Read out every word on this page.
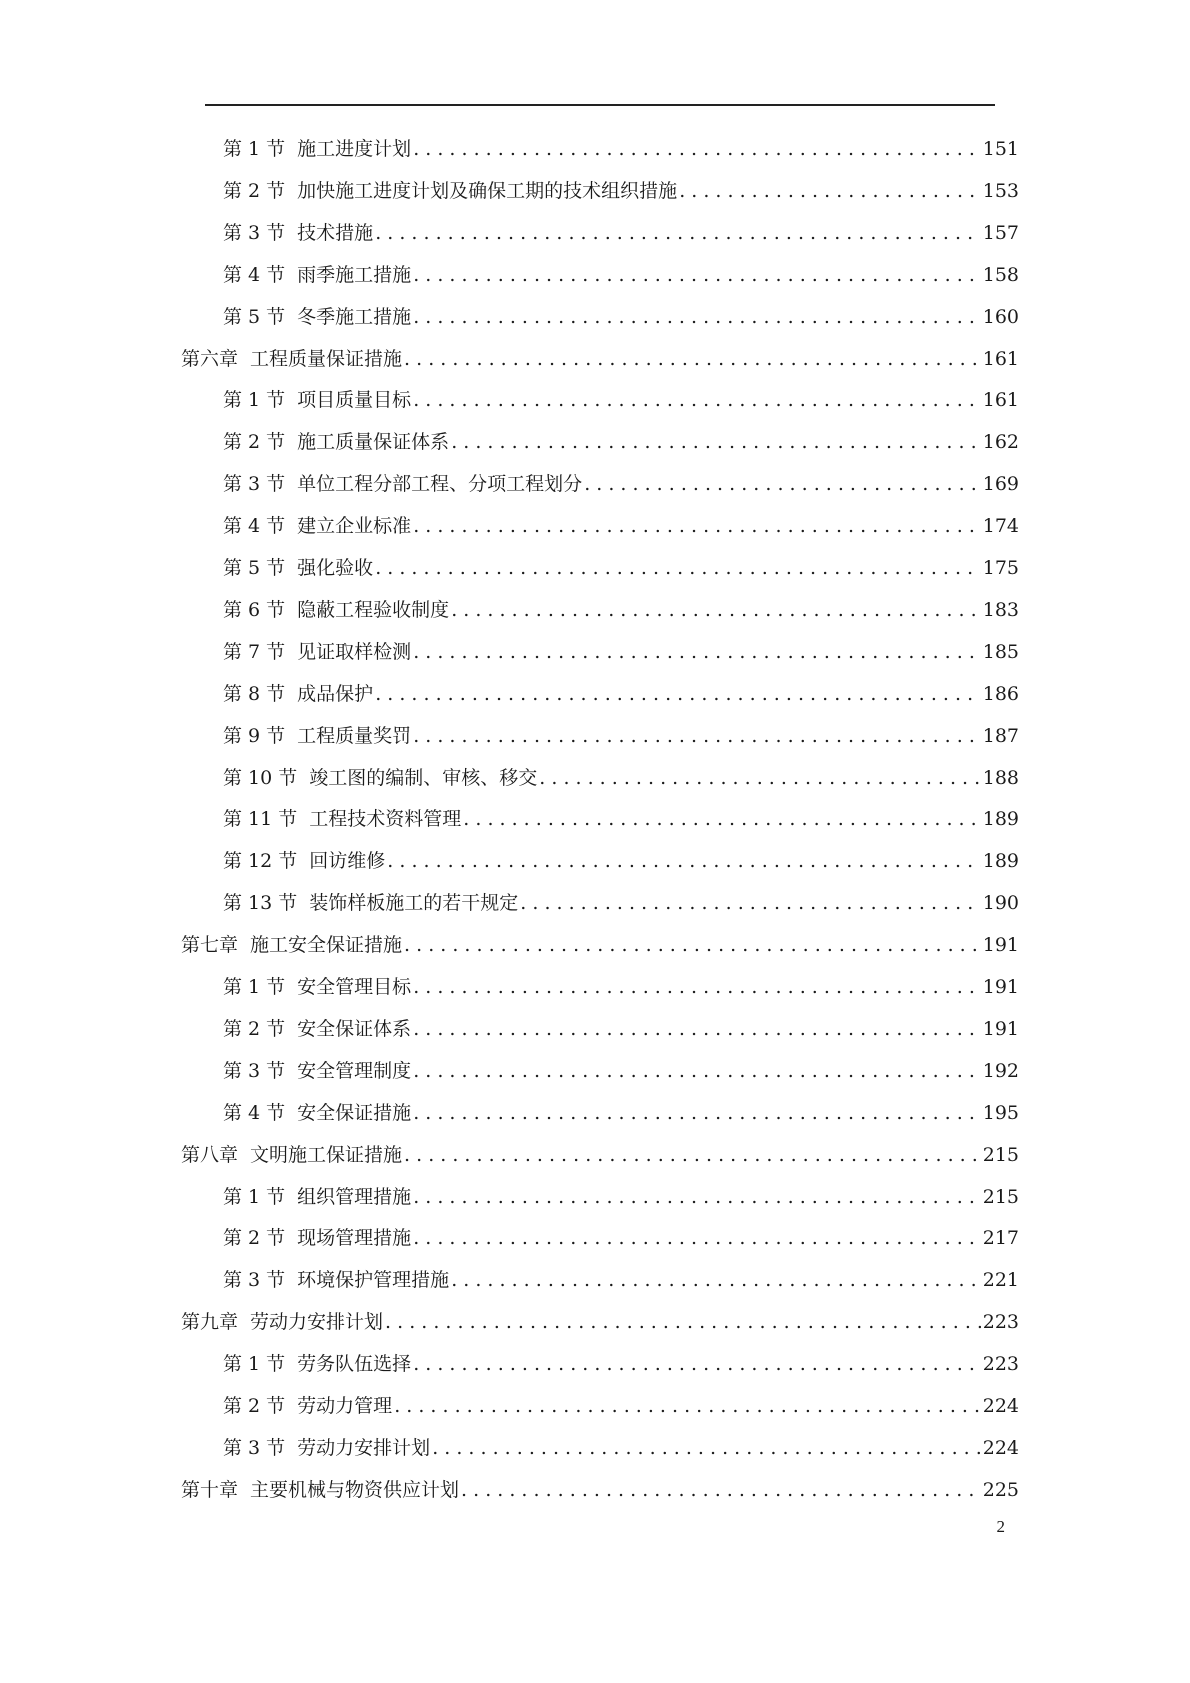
第 1 节 施工进度计划 . . .	151
第 2 节 加快施工进度计划及确保工期的技术组织措施 . . .	153
第 3 节 技术措施 . . .	157
第 4 节 雨季施工措施 . . .	158
第 5 节 冬季施工措施 . . .	160
第六章 工程质量保证措施 . . .	161
第 1 节 项目质量目标 . . .	161
第 2 节 施工质量保证体系 . . .	162
第 3 节 单位工程分部工程、分项工程划分 . . .	169
第 4 节 建立企业标准 . . .	174
第 5 节 强化验收 . . .	175
第 6 节 隐蔽工程验收制度 . . .	183
第 7 节 见证取样检测 . . .	185
第 8 节 成品保护 . . .	186
第 9 节 工程质量奖罚 . . .	187
第 10 节 竣工图的编制、审核、移交 . . .	188
第 11 节 工程技术资料管理 . . .	189
第 12 节 回访维修 . . .	189
第 13 节 装饰样板施工的若干规定 . . .	190
第七章 施工安全保证措施 . . .	191
第 1 节 安全管理目标 . . .	191
第 2 节 安全保证体系 . . .	191
第 3 节 安全管理制度 . . .	192
第 4 节 安全保证措施 . . .	195
第八章 文明施工保证措施 . . .	215
第 1 节 组织管理措施 . . .	215
第 2 节 现场管理措施 . . .	217
第 3 节 环境保护管理措施 . . .	221
第九章 劳动力安排计划 . . .	223
第 1 节 劳务队伍选择 . . .	223
第 2 节 劳动力管理 . . .	224
第 3 节 劳动力安排计划 . . .	224
第十章 主要机械与物资供应计划 . . .	225
2
